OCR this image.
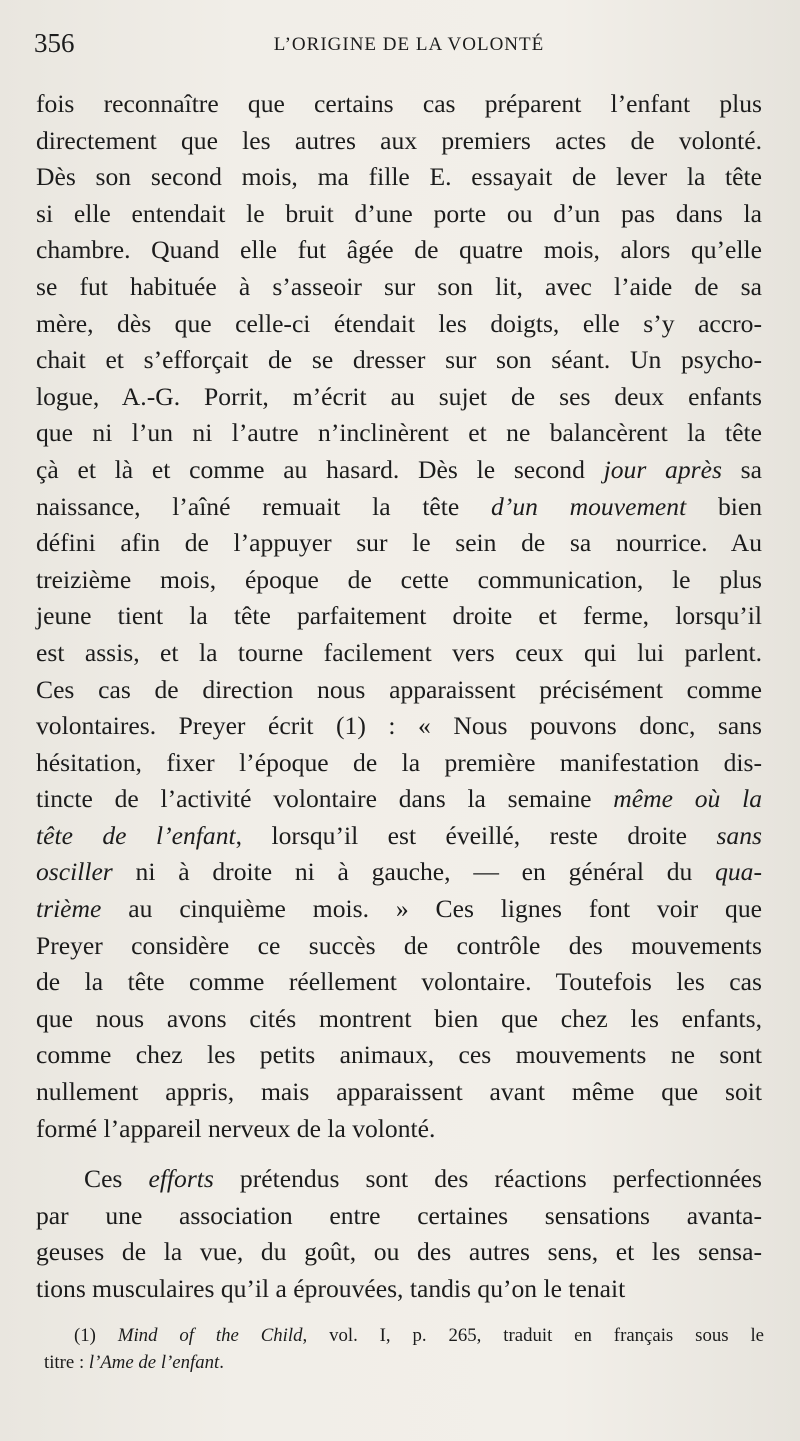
356	L’ORIGINE DE LA VOLONTÉ
fois reconnaître que certains cas préparent l’enfant plus
directement que les autres aux premiers actes de volonté.
Dès son second mois, ma fille E. essayait de lever la tête
si elle entendait le bruit d’une porte ou d’un pas dans la
chambre. Quand elle fut âgée de quatre mois, alors qu’elle
se fut habituée à s’asseoir sur son lit, avec l’aide de sa
mère, dès que celle-ci étendait les doigts, elle s’y accro-
chait et s’efforçait de se dresser sur son séant. Un psycho-
logue, A.-G. Porrit, m’écrit au sujet de ses deux enfants
que ni l’un ni l’autre n’inclinèrent et ne balancèrent la tête
çà et là et comme au hasard. Dès le second jour après sa
naissance, l’aîné remuait la tête d’un mouvement bien
défini afin de l’appuyer sur le sein de sa nourrice. Au
treizième mois, époque de cette communication, le plus
jeune tient la tête parfaitement droite et ferme, lorsqu’il
est assis, et la tourne facilement vers ceux qui lui parlent.
Ces cas de direction nous apparaissent précisément comme
volontaires. Preyer écrit (1) : « Nous pouvons donc, sans
hésitation, fixer l’époque de la première manifestation dis-
tincte de l’activité volontaire dans la semaine même où la
tête de l’enfant, lorsqu’il est éveillé, reste droite sans
osciller ni à droite ni à gauche, — en général du qua-
trième au cinquième mois. » Ces lignes font voir que
Preyer considère ce succès de contrôle des mouvements
de la tête comme réellement volontaire. Toutefois les cas
que nous avons cités montrent bien que chez les enfants,
comme chez les petits animaux, ces mouvements ne sont
nullement appris, mais apparaissent avant même que soit
formé l’appareil nerveux de la volonté.
Ces efforts prétendus sont des réactions perfectionnées
par une association entre certaines sensations avanta-
geuses de la vue, du goût, ou des autres sens, et les sensa-
tions musculaires qu’il a éprouvées, tandis qu’on le tenait
(1) Mind of the Child, vol. I, p. 265, traduit en français sous le
titre : l’Ame de l’enfant.
